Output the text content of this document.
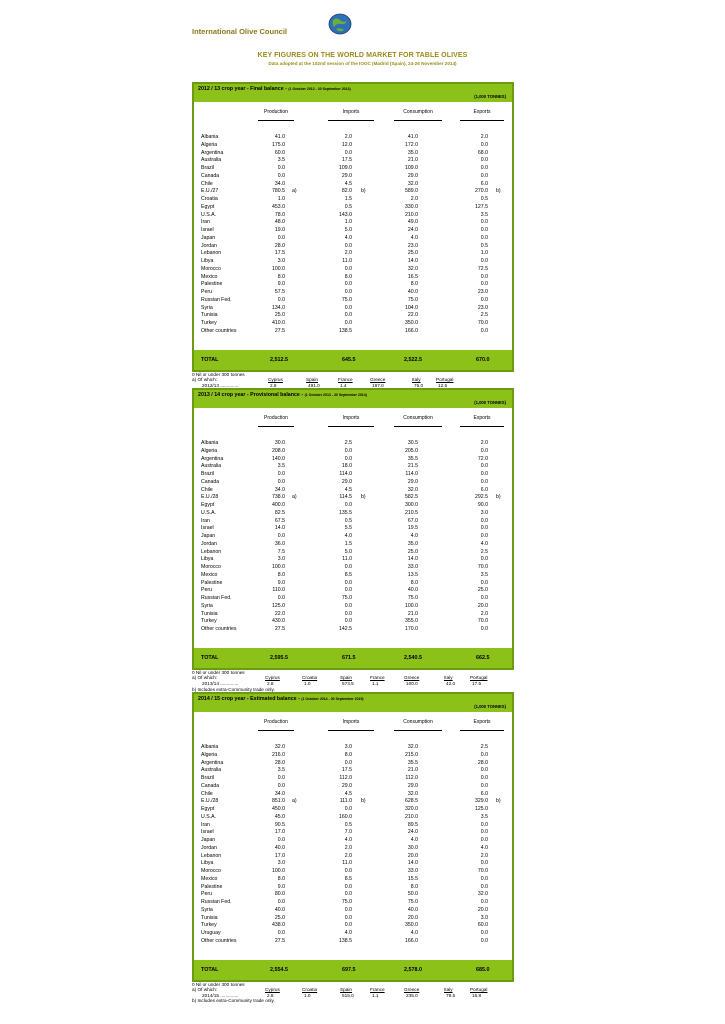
International Olive Council
KEY FIGURES ON THE WORLD MARKET FOR TABLE OLIVES
Data adopted at the 102nd session of the IOOC (Madrid (Spain), 24-26 November 2014)
2012 / 13 crop year - Final balance - (1 October 2012 - 30 September 2013)
(1,000 TONNES)
Production	Imports	Consumption	Exports
Albania	41.0	2.0	41.0	2.0
Algeria	175.0	12.0	172.0	0.0
Argentina	60.0	0.0	35.0	68.0
Australia	3.5	17.5	21.0	0.0
Brazil	0.0	109.0	109.0	0.0
Canada	0.0	29.0	29.0	0.0
Chile	34.0	4.5	32.0	6.0
E.U./27	780.5 a)	82.0 b)	589.0	270.0 b)
Croatia	1.0	1.5	2.0	0.5
Egypt	453.0	0.5	330.0	127.5
U.S.A.	78.0	143.0	210.0	3.5
Iran	48.0	1.0	49.0	0.0
Israel	19.0	5.0	24.0	0.0
Japan	0.0	4.0	4.0	0.0
Jordan	28.0	0.0	23.0	0.5
Lebanon	17.5	2.0	25.0	1.0
Libya	3.0	11.0	14.0	0.0
Morocco	100.0	0.0	32.0	72.5
Mexico	8.0	8.0	16.5	0.0
Palestine	9.0	0.0	8.0	0.0
Peru	57.5	0.0	40.0	23.0
Russian Fed.	0.0	75.0	75.0	0.0
Syria	134.0	0.0	104.0	23.0
Tunisia	25.0	0.0	22.0	2.5
Turkey	410.0	0.0	350.0	70.0
Other countries	27.5	138.5	166.0	0.0
TOTAL	2,512.5	645.5	2,522.5	670.0
0 Nil or under 300 tonnes
a) Of which:	Cyprus	Spain	France	Greece	Italy	Portugal
2012/13 ..............	2.8	491.0	1.4	197.0	76.0	12.5
2013 / 14 crop year - Provisional balance - (1 October 2013 - 30 September 2014)
(1,000 TONNES)
Production	Imports	Consumption	Exports
Albania	30.0	2.5	30.5	2.0
Algeria	208.0	0.0	205.0	0.0
Argentina	140.0	0.0	35.5	72.0
Australia	3.5	18.0	21.5	0.0
Brazil	0.0	114.0	114.0	0.0
Canada	0.0	29.0	29.0	0.0
Chile	34.0	4.5	32.0	6.0
E.U./28	738.0 a)	114.5 b)	582.5	292.5 b)
Egypt	400.0	0.0	300.0	90.0
U.S.A.	82.5	135.5	210.5	3.0
Iran	67.5	0.5	67.0	0.0
Israel	14.0	5.5	19.5	0.0
Japan	0.0	4.0	4.0	0.0
Jordan	36.0	1.5	35.0	4.0
Lebanon	7.5	5.0	25.0	2.5
Libya	3.0	11.0	14.0	0.0
Morocco	100.0	0.0	33.0	70.0
Mexico	8.0	8.5	13.5	3.5
Palestine	9.0	0.0	8.0	0.0
Peru	110.0	0.0	40.0	25.0
Russian Fed.	0.0	75.0	75.0	0.0
Syria	125.0	0.0	100.0	20.0
Tunisia	22.0	0.0	21.0	2.0
Turkey	430.0	0.0	355.0	70.0
Other countries	27.5	142.5	170.0	0.0
TOTAL	2,595.5	671.5	2,540.5	662.5
0 Nil or under 300 tonnes
a) Of which:	Cyprus	Croatia	Spain	France	Greece	Italy	Portugal
2013/14 ..............	2.8	1.0	573.5	1.1	100.0	42.0	17.5
b) Includes extra-Community trade only.
2014 / 15 crop year - Estimated balance - (1 October 2014 - 30 September 2015)
(1,000 TONNES)
Production	Imports	Consumption	Exports
Albania	32.0	3.0	32.0	2.5
Algeria	216.0	8.0	215.0	0.0
Argentina	28.0	0.0	35.5	28.0
Australia	3.5	17.5	21.0	0.0
Brazil	0.0	112.0	112.0	0.0
Canada	0.0	29.0	29.0	0.0
Chile	34.0	4.5	32.0	6.0
E.U./28	851.0 a)	111.0 b)	628.5	329.0 b)
Egypt	450.0	0.0	320.0	125.0
U.S.A.	45.0	160.0	210.0	3.5
Iran	90.5	0.5	89.5	0.0
Israel	17.0	7.0	24.0	0.0
Japan	0.0	4.0	4.0	0.0
Jordan	40.0	2.0	30.0	4.0
Lebanon	17.0	2.0	20.0	2.0
Libya	3.0	11.0	14.0	0.0
Morocco	100.0	0.0	33.0	70.0
Mexico	8.0	8.5	15.5	0.0
Palestine	9.0	0.0	8.0	0.0
Peru	80.0	0.0	50.0	32.0
Russian Fed.	0.0	75.0	75.0	0.0
Syria	40.0	0.0	40.0	20.0
Tunisia	25.0	0.0	20.0	3.0
Turkey	438.0	0.0	350.0	60.0
Uruguay	0.0	4.0	4.0	0.0
Other countries	27.5	138.5	166.0	0.0
TOTAL	2,554.5	697.5	2,578.0	685.0
0 Nil or under 300 tonnes
a) Of which:	Cyprus	Croatia	Spain	France	Greece	Italy	Portugal
2014/15 ..............	2.8	1.0	515.0	1.1	235.0	79.5	16.8
b) Includes extra-Community trade only.
